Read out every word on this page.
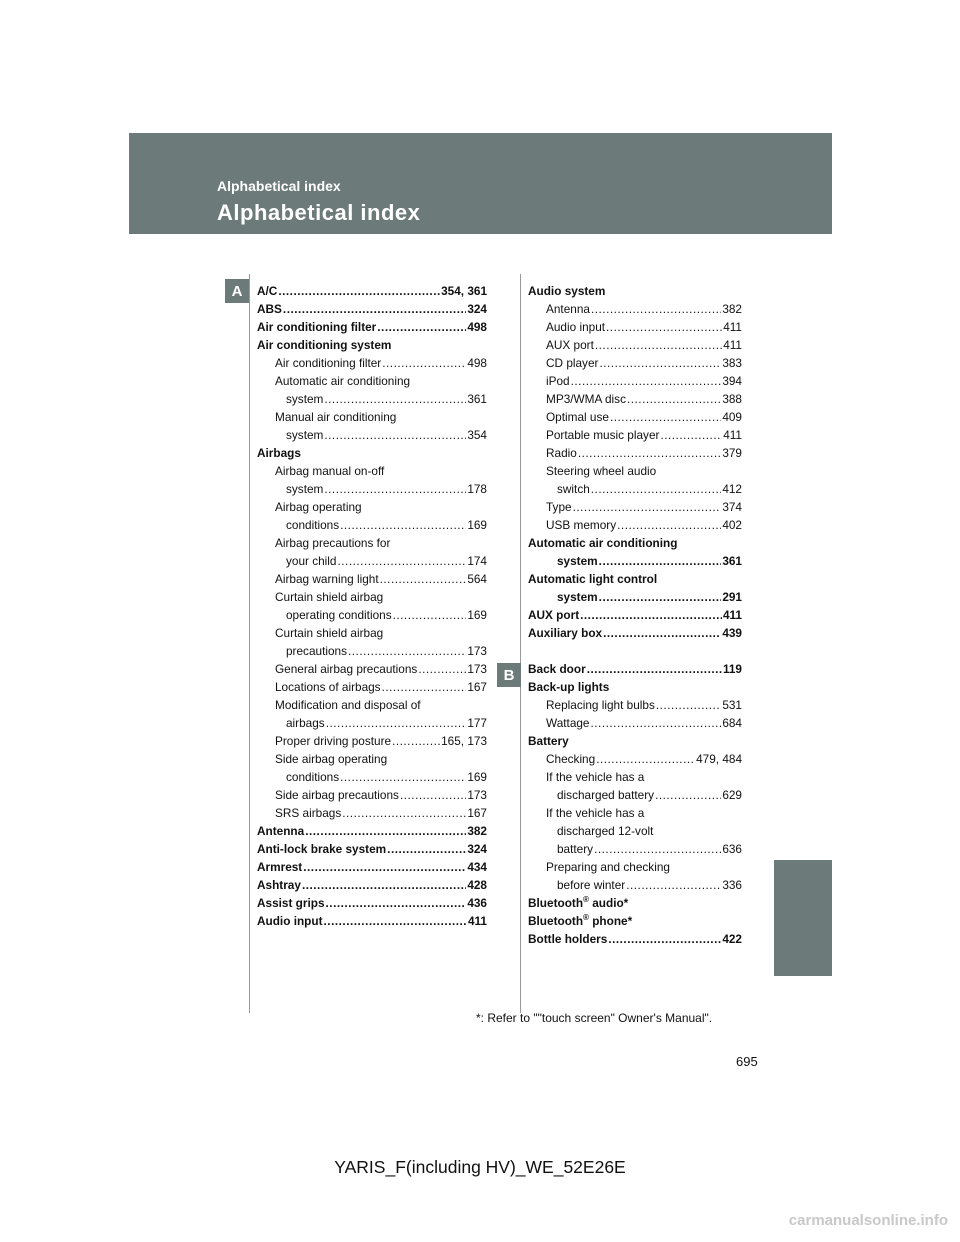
Alphabetical index
Alphabetical index
A
B
A/C .....	354, 361
ABS .....	324
Air conditioning filter .....	498
Air conditioning system
Air conditioning filter .....	498
Automatic air conditioning
system .....	361
Manual air conditioning
system .....	354
Airbags
Airbag manual on-off
system .....	178
Airbag operating
conditions .....	169
Airbag precautions for
your child .....	174
Airbag warning light .....	564
Curtain shield airbag
operating conditions .....	169
Curtain shield airbag
precautions .....	173
General airbag precautions .....	173
Locations of airbags .....	167
Modification and disposal of
airbags .....	177
Proper driving posture .....	165, 173
Side airbag operating
conditions .....	169
Side airbag precautions .....	173
SRS airbags .....	167
Antenna .....	382
Anti-lock brake system .....	324
Armrest .....	434
Ashtray .....	428
Assist grips .....	436
Audio input .....	411
Audio system
Antenna .....	382
Audio input .....	411
AUX port .....	411
CD player .....	383
iPod .....	394
MP3/WMA disc .....	388
Optimal use .....	409
Portable music player .....	411
Radio .....	379
Steering wheel audio
switch .....	412
Type .....	374
USB memory .....	402
Automatic air conditioning
system .....	361
Automatic light control
system .....	291
AUX port .....	411
Auxiliary box .....	439
Back door .....	119
Back-up lights
Replacing light bulbs .....	531
Wattage .....	684
Battery
Checking .....	479, 484
If the vehicle has a
discharged battery .....	629
If the vehicle has a
discharged 12-volt
battery .....	636
Preparing and checking
before winter .....	336
Bluetooth® audio*
Bluetooth® phone*
Bottle holders .....	422
*: Refer to ""touch screen" Owner's Manual".
695
YARIS_F(including HV)_WE_52E26E
carmanualsonline.info
